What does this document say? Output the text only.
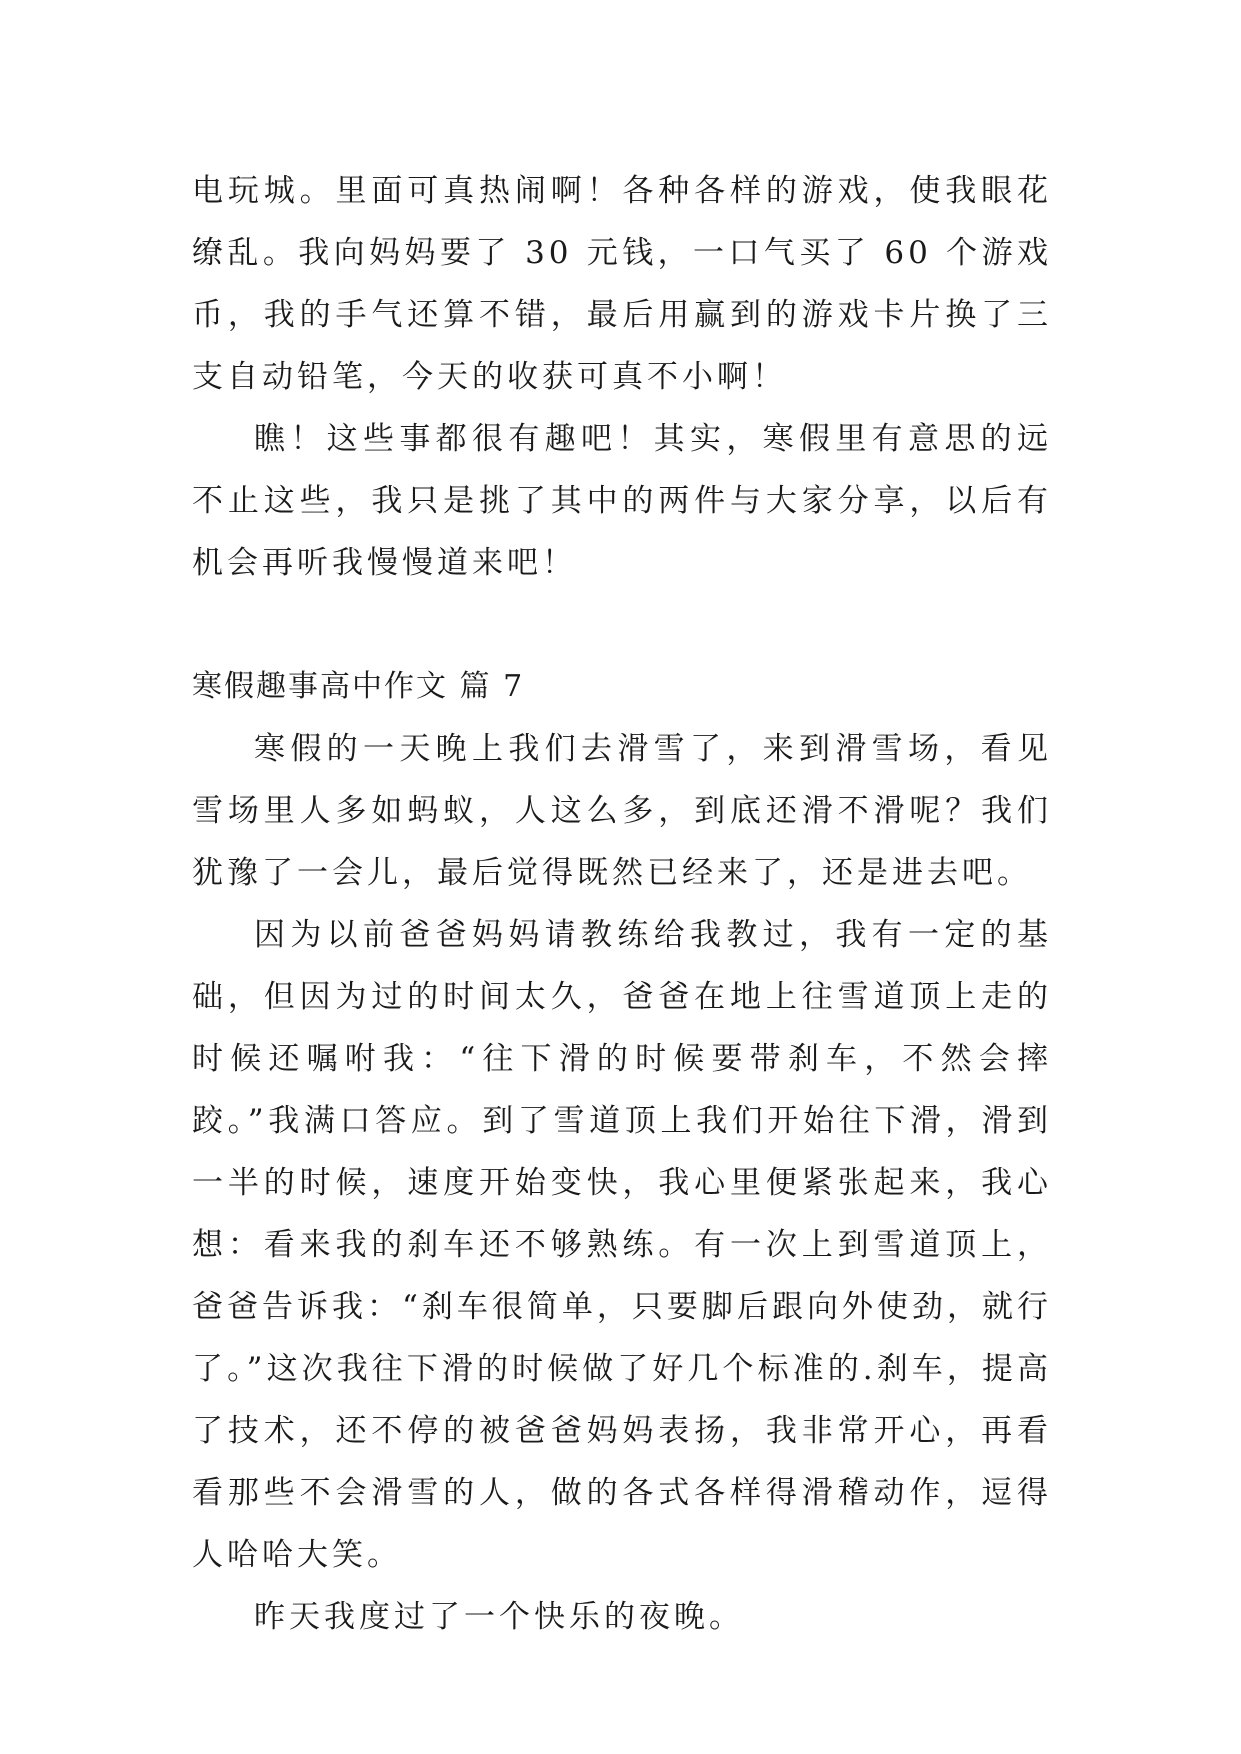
电玩城。里面可真热闹啊！各种各样的游戏，使我眼花缭乱。我向妈妈要了 30 元钱，一口气买了 60 个游戏币，我的手气还算不错，最后用赢到的游戏卡片换了三支自动铅笔，今天的收获可真不小啊！

瞧！这些事都很有趣吧！其实，寒假里有意思的远不止这些，我只是挑了其中的两件与大家分享，以后有机会再听我慢慢道来吧！

寒假趣事高中作文 篇 7

寒假的一天晚上我们去滑雪了，来到滑雪场，看见雪场里人多如蚂蚁，人这么多，到底还滑不滑呢？我们犹豫了一会儿，最后觉得既然已经来了，还是进去吧。

因为以前爸爸妈妈请教练给我教过，我有一定的基础，但因为过的时间太久，爸爸在地上往雪道顶上走的时候还嘱咐我：“往下滑的时候要带刹车，不然会摔跤。”我满口答应。到了雪道顶上我们开始往下滑，滑到一半的时候，速度开始变快，我心里便紧张起来，我心想：看来我的刹车还不够熟练。有一次上到雪道顶上，爸爸告诉我：“刹车很简单，只要脚后跟向外使劲，就行了。”这次我往下滑的时候做了好几个标准的.刹车，提高了技术，还不停的被爸爸妈妈表扬，我非常开心，再看看那些不会滑雪的人，做的各式各样得滑稽动作，逗得人哈哈大笑。

昨天我度过了一个快乐的夜晚。
